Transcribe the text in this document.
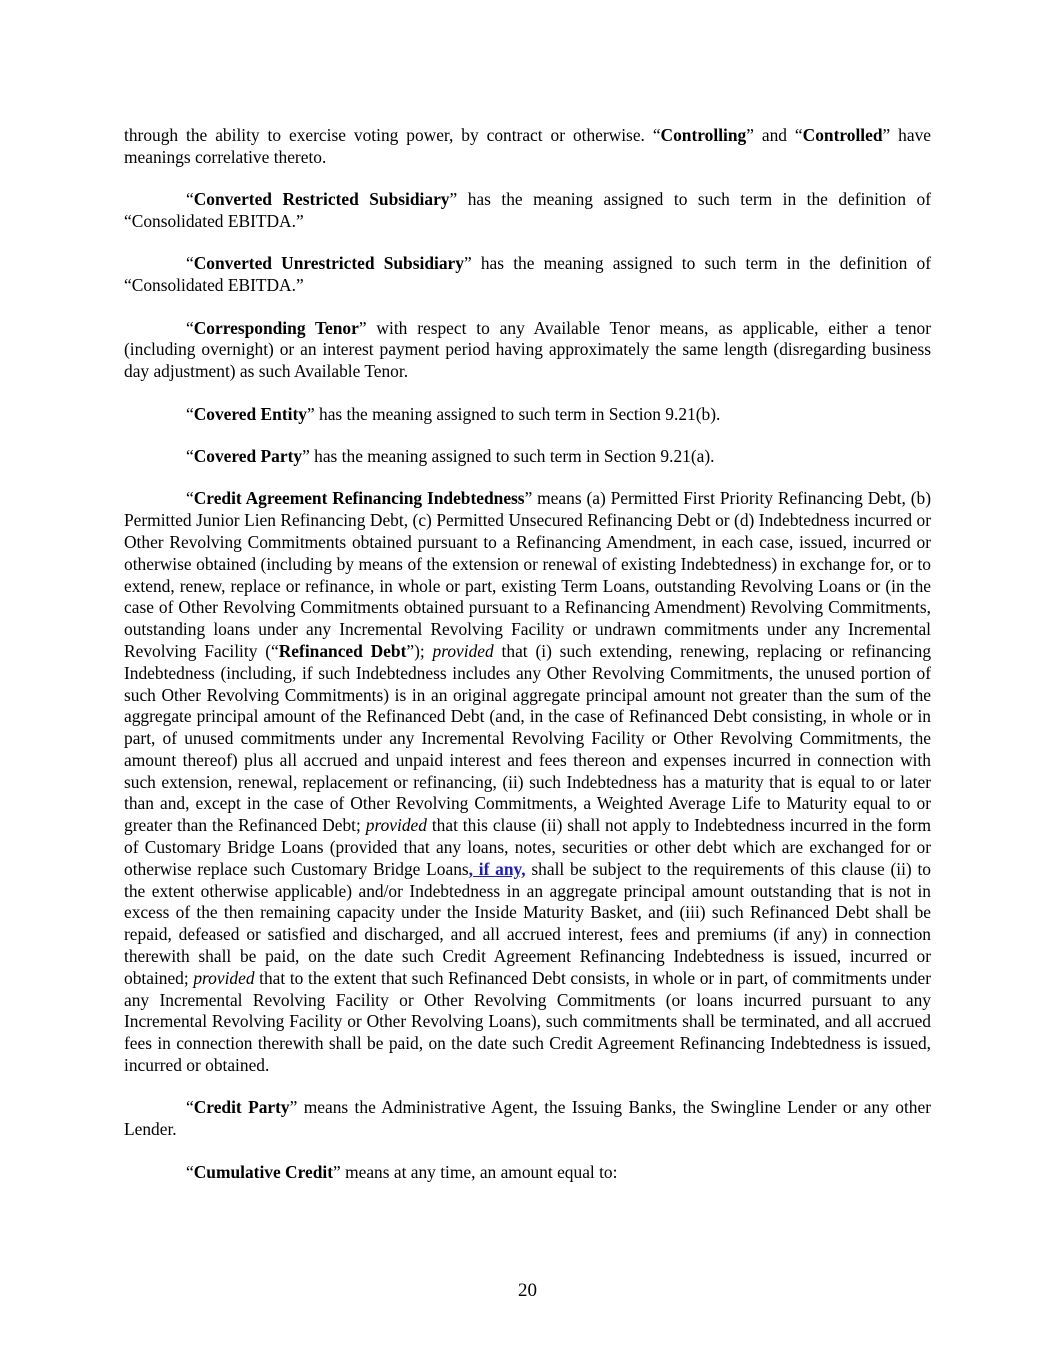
through the ability to exercise voting power, by contract or otherwise. “Controlling” and “Controlled” have meanings correlative thereto.

“Converted Restricted Subsidiary” has the meaning assigned to such term in the definition of “Consolidated EBITDA.”

“Converted Unrestricted Subsidiary” has the meaning assigned to such term in the definition of “Consolidated EBITDA.”

“Corresponding Tenor” with respect to any Available Tenor means, as applicable, either a tenor (including overnight) or an interest payment period having approximately the same length (disregarding business day adjustment) as such Available Tenor.

“Covered Entity” has the meaning assigned to such term in Section 9.21(b).

“Covered Party” has the meaning assigned to such term in Section 9.21(a).

“Credit Agreement Refinancing Indebtedness” means (a) Permitted First Priority Refinancing Debt, (b) Permitted Junior Lien Refinancing Debt, (c) Permitted Unsecured Refinancing Debt or (d) Indebtedness incurred or Other Revolving Commitments obtained pursuant to a Refinancing Amendment, in each case, issued, incurred or otherwise obtained (including by means of the extension or renewal of existing Indebtedness) in exchange for, or to extend, renew, replace or refinance, in whole or part, existing Term Loans, outstanding Revolving Loans or (in the case of Other Revolving Commitments obtained pursuant to a Refinancing Amendment) Revolving Commitments, outstanding loans under any Incremental Revolving Facility or undrawn commitments under any Incremental Revolving Facility (“Refinanced Debt”); provided that (i) such extending, renewing, replacing or refinancing Indebtedness (including, if such Indebtedness includes any Other Revolving Commitments, the unused portion of such Other Revolving Commitments) is in an original aggregate principal amount not greater than the sum of the aggregate principal amount of the Refinanced Debt (and, in the case of Refinanced Debt consisting, in whole or in part, of unused commitments under any Incremental Revolving Facility or Other Revolving Commitments, the amount thereof) plus all accrued and unpaid interest and fees thereon and expenses incurred in connection with such extension, renewal, replacement or refinancing, (ii) such Indebtedness has a maturity that is equal to or later than and, except in the case of Other Revolving Commitments, a Weighted Average Life to Maturity equal to or greater than the Refinanced Debt; provided that this clause (ii) shall not apply to Indebtedness incurred in the form of Customary Bridge Loans (provided that any loans, notes, securities or other debt which are exchanged for or otherwise replace such Customary Bridge Loans, if any, shall be subject to the requirements of this clause (ii) to the extent otherwise applicable) and/or Indebtedness in an aggregate principal amount outstanding that is not in excess of the then remaining capacity under the Inside Maturity Basket, and (iii) such Refinanced Debt shall be repaid, defeased or satisfied and discharged, and all accrued interest, fees and premiums (if any) in connection therewith shall be paid, on the date such Credit Agreement Refinancing Indebtedness is issued, incurred or obtained; provided that to the extent that such Refinanced Debt consists, in whole or in part, of commitments under any Incremental Revolving Facility or Other Revolving Commitments (or loans incurred pursuant to any Incremental Revolving Facility or Other Revolving Loans), such commitments shall be terminated, and all accrued fees in connection therewith shall be paid, on the date such Credit Agreement Refinancing Indebtedness is issued, incurred or obtained.

“Credit Party” means the Administrative Agent, the Issuing Banks, the Swingline Lender or any other Lender.

“Cumulative Credit” means at any time, an amount equal to:

20
